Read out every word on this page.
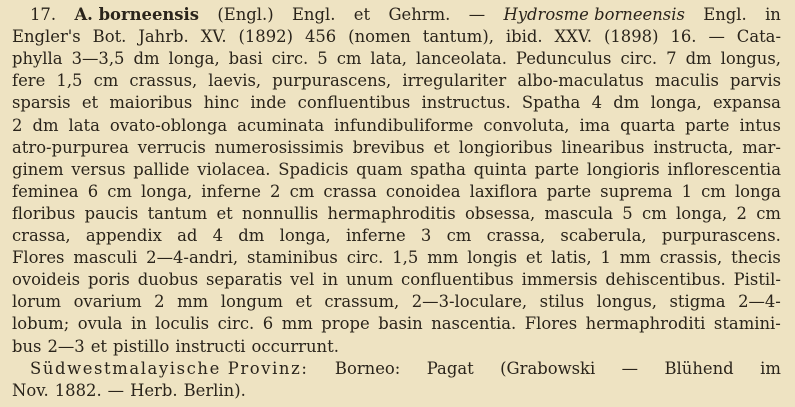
17. A. borneensis (Engl.) Engl. et Gehrm. — Hydrosme borneensis Engl. in
Engler's Bot. Jahrb. XV. (1892) 456 (nomen tantum), ibid. XXV. (1898) 16. — Cata-
phylla 3—3,5 dm longa, basi circ. 5 cm lata, lanceolata. Pedunculus circ. 7 dm longus,
fere 1,5 cm crassus, laevis, purpurascens, irregulariter albo-maculatus maculis parvis
sparsis et maioribus hinc inde confluentibus instructus. Spatha 4 dm longa, expansa
2 dm lata ovato-oblonga acuminata infundibuliforme convoluta, ima quarta parte intus
atro-purpurea verrucis numerosissimis brevibus et longioribus linearibus instructa, mar-
ginem versus pallide violacea. Spadicis quam spatha quinta parte longioris inflorescentia
feminea 6 cm longa, inferne 2 cm crassa conoidea laxiflora parte suprema 1 cm longa
floribus paucis tantum et nonnullis hermaphroditis obsessa, mascula 5 cm longa, 2 cm
crassa, appendix ad 4 dm longa, inferne 3 cm crassa, scaberula, purpurascens.
Flores masculi 2—4-andri, staminibus circ. 1,5 mm longis et latis, 1 mm crassis, thecis
ovoideis poris duobus separatis vel in unum confluentibus immersis dehiscentibus. Pistil-
lorum ovarium 2 mm longum et crassum, 2—3-loculare, stilus longus, stigma 2—4-
lobum; ovula in loculis circ. 6 mm prope basin nascentia. Flores hermaphroditi stamini-
bus 2—3 et pistillo instructi occurrunt.
Südwestmalayische Provinz: Borneo: Pagat (Grabowski — Blühend im
Nov. 1882. — Herb. Berlin).
